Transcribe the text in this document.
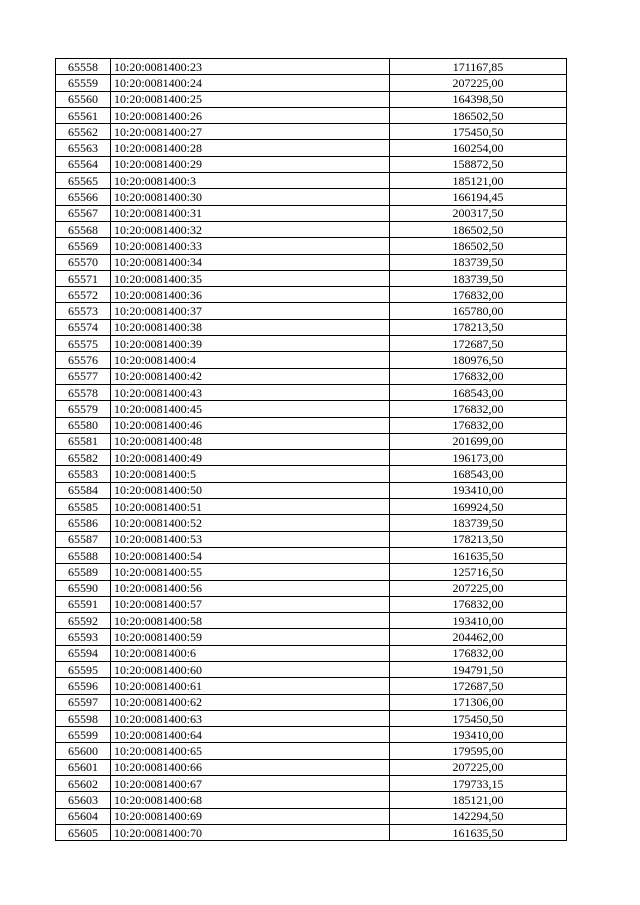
65558	10:20:0081400:23	171167,85
65559	10:20:0081400:24	207225,00
65560	10:20:0081400:25	164398,50
65561	10:20:0081400:26	186502,50
65562	10:20:0081400:27	175450,50
65563	10:20:0081400:28	160254,00
65564	10:20:0081400:29	158872,50
65565	10:20:0081400:3	185121,00
65566	10:20:0081400:30	166194,45
65567	10:20:0081400:31	200317,50
65568	10:20:0081400:32	186502,50
65569	10:20:0081400:33	186502,50
65570	10:20:0081400:34	183739,50
65571	10:20:0081400:35	183739,50
65572	10:20:0081400:36	176832,00
65573	10:20:0081400:37	165780,00
65574	10:20:0081400:38	178213,50
65575	10:20:0081400:39	172687,50
65576	10:20:0081400:4	180976,50
65577	10:20:0081400:42	176832,00
65578	10:20:0081400:43	168543,00
65579	10:20:0081400:45	176832,00
65580	10:20:0081400:46	176832,00
65581	10:20:0081400:48	201699,00
65582	10:20:0081400:49	196173,00
65583	10:20:0081400:5	168543,00
65584	10:20:0081400:50	193410,00
65585	10:20:0081400:51	169924,50
65586	10:20:0081400:52	183739,50
65587	10:20:0081400:53	178213,50
65588	10:20:0081400:54	161635,50
65589	10:20:0081400:55	125716,50
65590	10:20:0081400:56	207225,00
65591	10:20:0081400:57	176832,00
65592	10:20:0081400:58	193410,00
65593	10:20:0081400:59	204462,00
65594	10:20:0081400:6	176832,00
65595	10:20:0081400:60	194791,50
65596	10:20:0081400:61	172687,50
65597	10:20:0081400:62	171306,00
65598	10:20:0081400:63	175450,50
65599	10:20:0081400:64	193410,00
65600	10:20:0081400:65	179595,00
65601	10:20:0081400:66	207225,00
65602	10:20:0081400:67	179733,15
65603	10:20:0081400:68	185121,00
65604	10:20:0081400:69	142294,50
65605	10:20:0081400:70	161635,50
